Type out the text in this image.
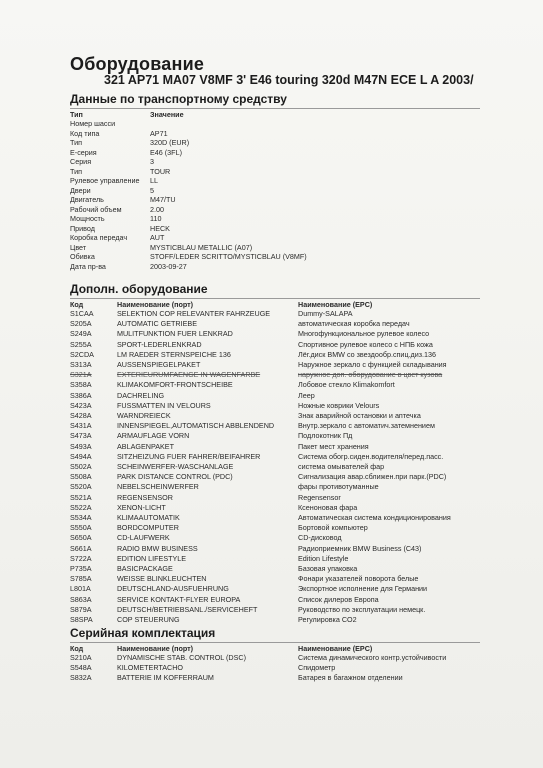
Оборудование
321 AP71 MA07 V8MF 3' E46 touring 320d M47N ECE L A 2003/
Данные по транспортному средству
Тип	Значение
Номер шасси
Код типа	AP71
Тип	320D (EUR)
E-серия	E46 (3FL)
Серия	3
Тип	TOUR
Рулевое управление LL
Двери	5
Двигатель	M47/TU
Рабочий объем	2.00
Мощность	110
Привод	HECK
Коробка передач	AUT
Цвет	MYSTICBLAU METALLIC (A07)
Обивка	STOFF/LEDER SCRITTO/MYSTICBLAU (V8MF)
Дата пр-ва	2003-09-27
Дополн. оборудование
Код	Наименование (порт)	Наименование (EPC)
S1CAA	SELEKTION COP RELEVANTER FAHRZEUGE	Dummy-SALAPA
S205A	AUTOMATIC GETRIEBE	автоматическая коробка передач
S249A	MULITFUNKTION FUER LENKRAD	Многофункциональное рулевое колесо
S255A	SPORT-LEDERLENKRAD	Спортивное рулевое колесо с НПБ кожа
S2CDA	LM RAEDER STERNSPEICHE 136	Лёг.диск BMW со звездообр.спиц.диз.136
S313A	AUSSENSPIEGELPAKET	Наружное зеркало с функцией складывания
S321A	EXTERIEURUMFAENGE IN WAGENFARBE	наружное доп. оборудование в цвет кузова
S358A	KLIMAKOMFORT-FRONTSCHEIBE	Лобовое стекло Klimakomfort
S386A	DACHRELING	Леер
S423A	FUSSMATTEN IN VELOURS	Ножные коврики Velours
S428A	WARNDREIECK	Знак аварийной остановки и аптечка
S431A	INNENSPIEGEL,AUTOMATISCH ABBLENDEND	Внутр.зеркало с автоматич.затемнением
S473A	ARMAUFLAGE VORN	Подлокотник Пд
S493A	ABLAGENPAKET	Пакет мест хранения
S494A	SITZHEIZUNG FUER FAHRER/BEIFAHRER	Система обогр.сиден.водителя/перед.пасс.
S502A	SCHEINWERFER-WASCHANLAGE	система омывателей фар
S508A	PARK DISTANCE CONTROL (PDC)	Сигнализация авар.сближен.при парк.(PDC)
S520A	NEBELSCHEINWERFER	фары противотуманные
S521A	REGENSENSOR	Regensensor
S522A	XENON-LICHT	Ксеноновая фара
S534A	KLIMAAUTOMATIK	Автоматическая система кондиционирования
S550A	BORDCOMPUTER	Бортовой компьютер
S650A	CD-LAUFWERK	CD-дисковод
S661A	RADIO BMW BUSINESS	Радиоприемник BMW Business (C43)
S722A	EDITION LIFESTYLE	Edition Lifestyle
P735A	BASICPACKAGE	Базовая упаковка
S785A	WEISSE BLINKLEUCHTEN	Фонари указателей поворота белые
L801A	DEUTSCHLAND-AUSFUEHRUNG	Экспортное исполнение для Германии
S863A	SERVICE KONTAKT-FLYER EUROPA	Список дилеров Европа
S879A	DEUTSCH/BETRIEBSANL./SERVICEHEFT	Руководство по эксплуатации немецк.
S8SPA	COP STEUERUNG	Регулировка CO2
Серийная комплектация
Код	Наименование (порт)	Наименование (EPC)
S210A	DYNAMISCHE STAB. CONTROL (DSC)	Система динамического контр.устойчивости
S548A	KILOMETERTACHO	Спидометр
S832A	BATTERIE IM KOFFERRAUM	Батарея в багажном отделении
